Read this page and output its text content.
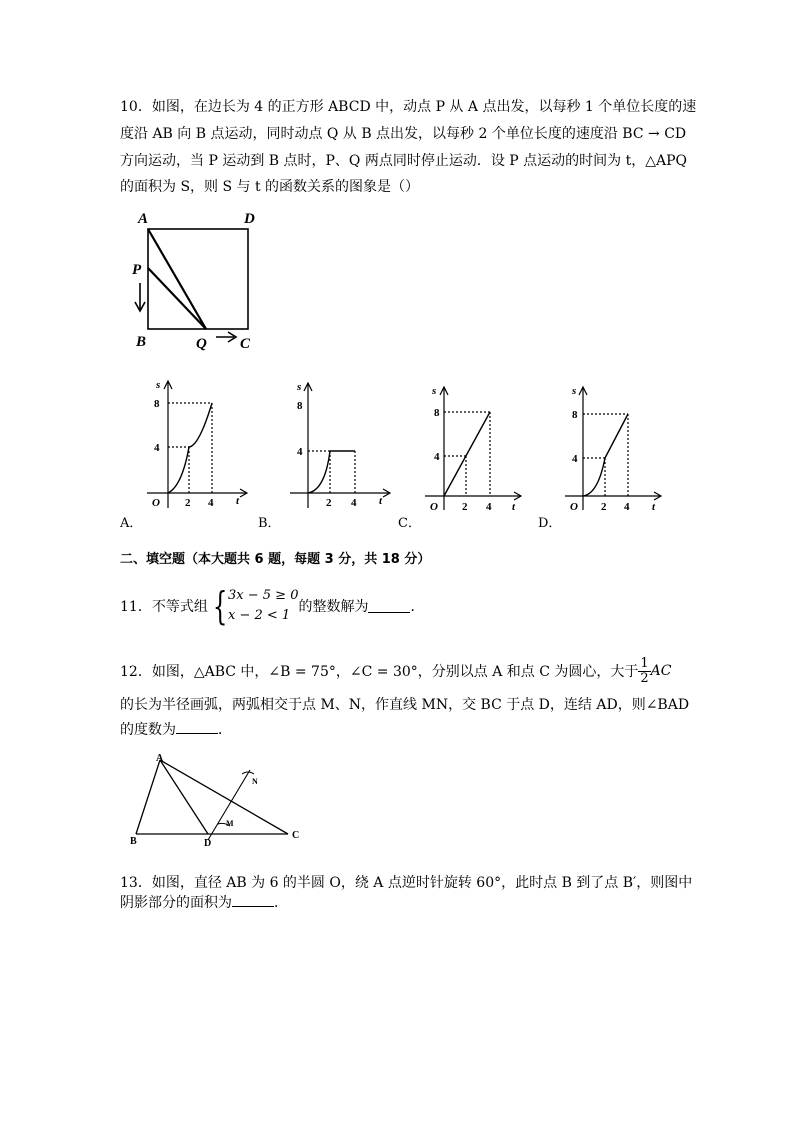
10．如图，在边长为 4 的正方形 ABCD 中，动点 P 从 A 点出发，以每秒 1 个单位长度的速
度沿 AB 向 B 点运动，同时动点 Q 从 B 点出发，以每秒 2 个单位长度的速度沿 BC → CD
方向运动，当 P 运动到 B 点时，P、Q 两点同时停止运动．设 P 点运动的时间为 t，△APQ
的面积为 S，则 S 与 t 的函数关系的图象是（）
A	D
P
B	Q C
s
8
4
O 2 4 t
A．
s
8
4
2 4 t
B．
s
8
4
O 2 4 t
C．
s
8
4
O 2 4 t
D．
二、填空题（本大题共 6 题，每题 3 分，共 18 分）
11．不等式组 { 3x − 5 ≥ 0
x − 2 < 1
的整数解为	．
12．如图，△ABC 中，∠B = 75°，∠C = 30°，分别以点 A 和点 C 为圆心，大于 $\frac{1}{2}$ AC
的长为半径画弧，两弧相交于点 M、N，作直线 MN，交 BC 于点 D，连结 AD，则∠BAD
的度数为	．
A
B	D
C
N
M
13．如图，直径 AB 为 6 的半圆 O，绕 A 点逆时针旋转 60°，此时点 B 到了点 B′，则图中
阴影部分的面积为	．
